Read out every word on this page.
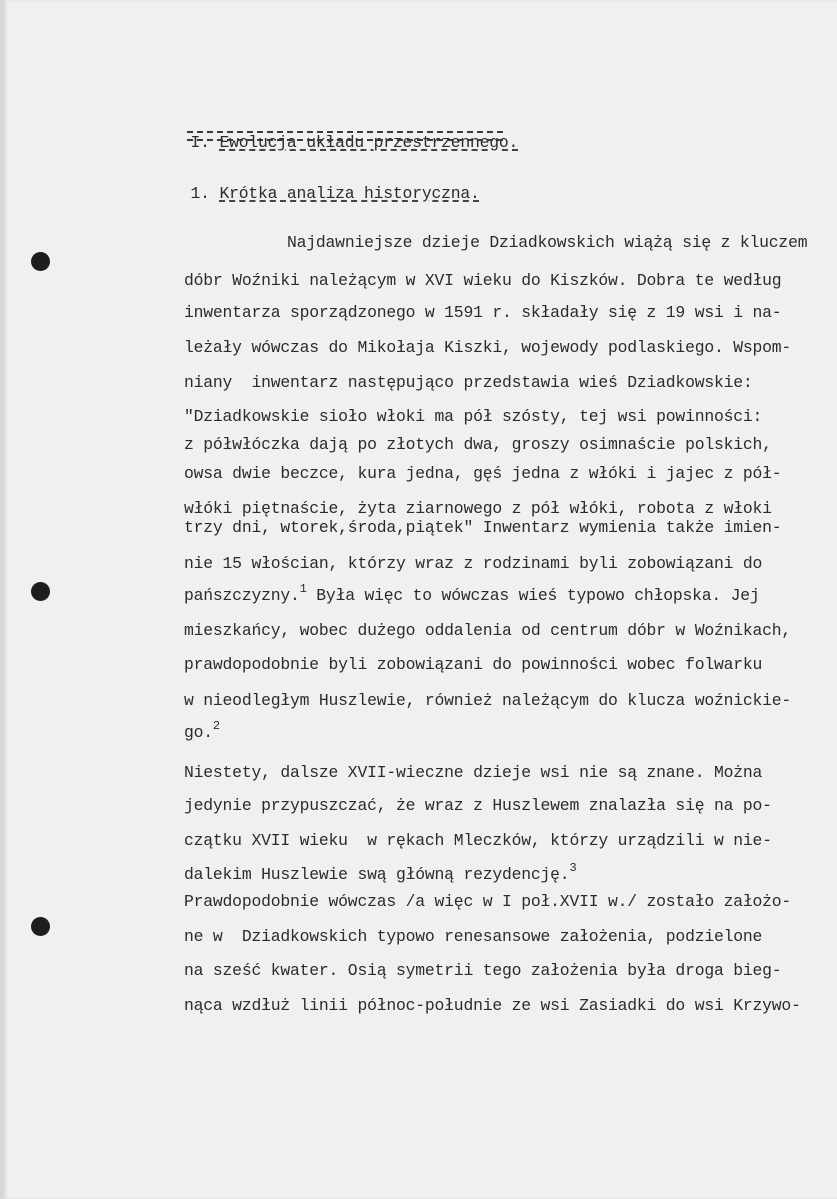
I. Ewolucja układu przestrzennego.

1. Krótka analiza historyczna.

Najdawniejsze dzieje Dziadkowskich wiążą się z kluczem
dóbr Woźniki należącym w XVI wieku do Kiszków. Dobra te według
inwentarza sporządzonego w 1591 r. składały się z 19 wsi i na-
leżały wówczas do Mikołaja Kiszki, wojewody podlaskiego. Wspom-
niany  inwentarz następująco przedstawia wieś Dziadkowskie:
"Dziadkowskie sioło włoki ma pół szósty, tej wsi powinności:
z półwłóczka dają po złotych dwa, groszy osimnaście polskich,
owsa dwie beczce, kura jedna, gęś jedna z włóki i jajec z pół-
włóki piętnaście, żyta ziarnowego z pół włóki, robota z włoki
trzy dni, wtorek,środa,piątek" Inwentarz wymienia także imien-
nie 15 włościan, którzy wraz z rodzinami byli zobowiązani do
pańszczyzny.$^1$ Była więc to wówczas wieś typowo chłopska. Jej
mieszkańcy, wobec dużego oddalenia od centrum dóbr w Woźnikach,
prawdopodobnie byli zobowiązani do powinności wobec folwarku
w nieodległym Huszlewie, również należącym do klucza woźnickie-
go.$^2$
Niestety, dalsze XVII-wieczne dzieje wsi nie są znane. Można
jedynie przypuszczać, że wraz z Huszlewem znalazła się na po-
czątku XVII wieku  w rękach Mleczków, którzy urządzili w nie-
dalekim Huszlewie swą główną rezydencję.$^3$
Prawdopodobnie wówczas /a więc w I poł.XVII w./ zostało założo-
ne w  Dziadkowskich typowo renesansowe założenia, podzielone
na sześć kwater. Osią symetrii tego założenia była droga bieg-
nąca wzdłuż linii północ-południe ze wsi Zasiadki do wsi Krzywo-
